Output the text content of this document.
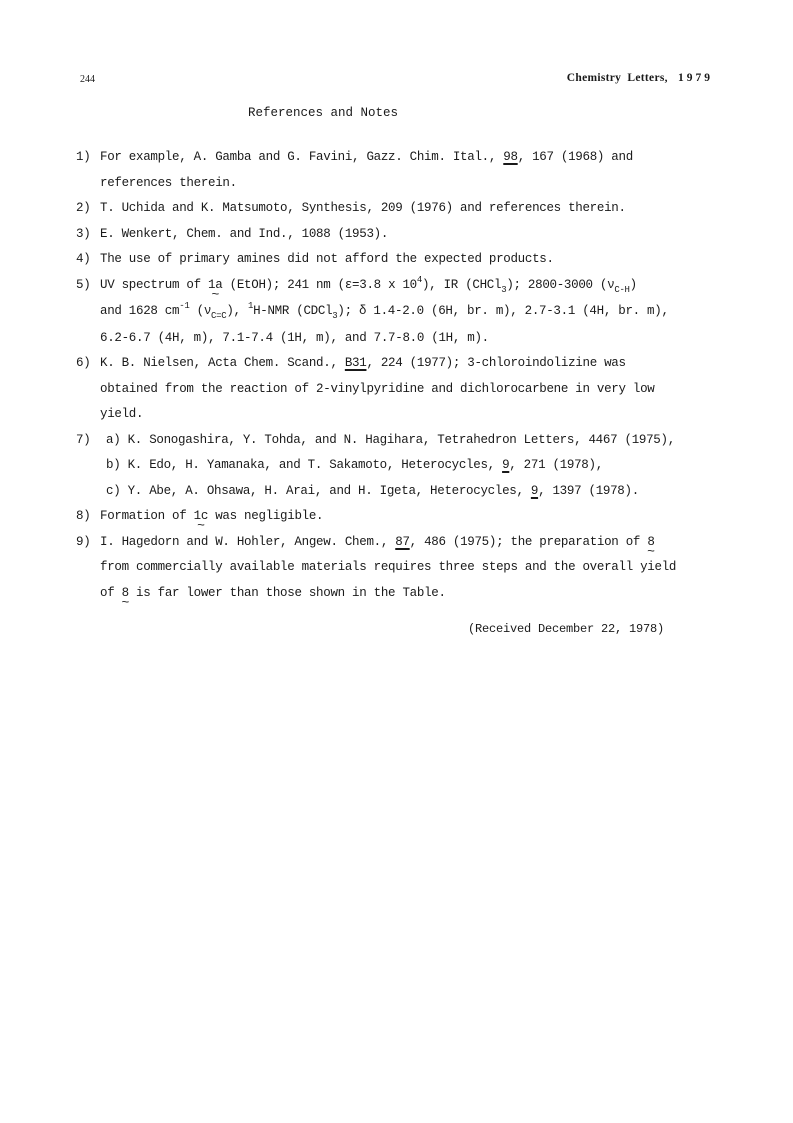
244	Chemistry Letters, 1979
References and Notes
1) For example, A. Gamba and G. Favini, Gazz. Chim. Ital., 98, 167 (1968) and
references therein.
2) T. Uchida and K. Matsumoto, Synthesis, 209 (1976) and references therein.
3) E. Wenkert, Chem. and Ind., 1088 (1953).
4) The use of primary amines did not afford the expected products.
5) UV spectrum of 1a ~ (EtOH); 241 nm (ε=3.8 x $10^4$), IR (CHCl$_3$); 2800-3000 $(\nu_{C-H})$
and 1628 $cm^{-1}$ $(\nu_{C=C})$, $^1$H-NMR (CDCl$_3$); δ 1.4-2.0 (6H, br. m), 2.7-3.1 (4H, br. m),
6.2-6.7 (4H, m), 7.1-7.4 (1H, m), and 7.7-8.0 (1H, m).
6) K. B. Nielsen, Acta Chem. Scand., B31, 224 (1977); 3-chloroindolizine was
obtained from the reaction of 2-vinylpyridine and dichlorocarbene in very low
yield.
7)	a) K. Sonogashira, Y. Tohda, and N. Hagihara, Tetrahedron Letters, 4467 (1975),
b) K. Edo, H. Yamanaka, and T. Sakamoto, Heterocycles, 9, 271 (1978),
c) Y. Abe, A. Ohsawa, H. Arai, and H. Igeta, Heterocycles, 9, 1397 (1978).
8) Formation of 1c ~ was negligible.
9) I. Hagedorn and W. Hohler, Angew. Chem., 87, 486 (1975); the preparation of 8 ~
from commercially available materials requires three steps and the overall yield
of 8 ~ is far lower than those shown in the Table.
(Received December 22, 1978)
